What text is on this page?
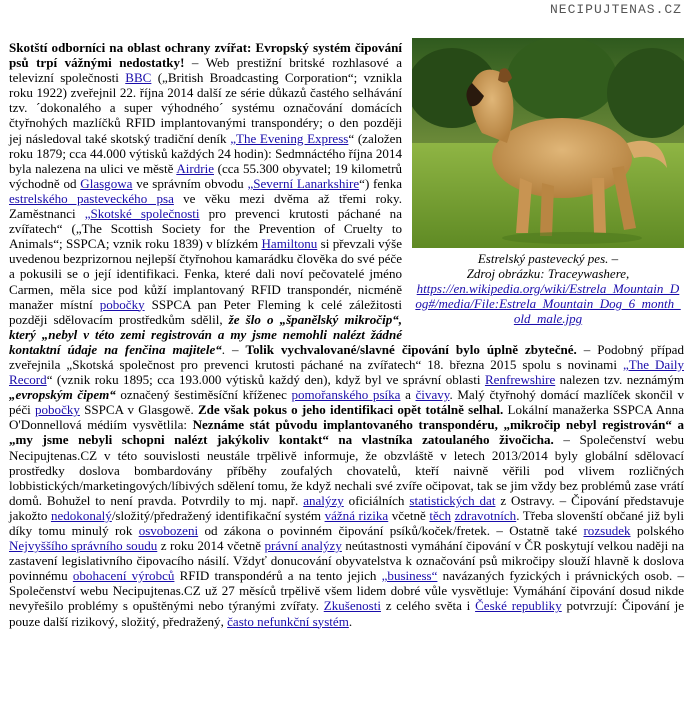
NECIPUJTENAS.CZ
Estrelský pastevecký pes. –
Zdroj obrázku: Traceywashere,
https://en.wikipedia.org/wiki/Estrela_Mountain_Dog#/media/File:Estrela_Mountain_Dog_6_month_old_male.jpg
Skotští odborníci na oblast ochrany zvířat: Evropský systém čipování psů trpí vážnými nedostatky! – Web prestižní britské rozhlasové a televizní společnosti BBC („British Broadcasting Corporation“; vznikla roku 1922) zveřejnil 22. října 2014 další ze série důkazů častého selhávání tzv. ´dokonalého a super výhodného´ systému označování domácích čtyřnohých mazlíčků RFID implantovanými transpondéry; o den později jej následoval také skotský tradiční deník „The Evening Express“ (založen roku 1879; cca 44.000 výtisků každých 24 hodin): Sedmnáctého října 2014 byla nalezena na ulici ve městě Airdrie (cca 55.300 obyvatel; 19 kilometrů východně od Glasgowa ve správním obvodu „Severní Lanarkshire“) fenka estrelského pasteveckého psa ve věku mezi dvěma až třemi roky. Zaměstnanci „Skotské společnosti pro prevenci krutosti páchané na zvířatech“ („The Scottish Society for the Prevention of Cruelty to Animals“; SSPCA; vznik roku 1839) v blízkém Hamiltonu si převzali výše uvedenou bezprizornou nejlepší čtyřnohou kamarádku člověka do své péče a pokusili se o její identifikaci. Fenka, které dali noví pečovatelé jméno Carmen, měla sice pod kůží implantovaný RFID transpondér, nicméně manažer místní pobočky SSPCA pan Peter Fleming k celé záležitosti později sdělovacím prostředkům sdělil, že šlo o „španělský mikročip“, který „nebyl v této zemi registrován a my jsme nemohli nalézt žádné kontaktní údaje na fenčina majitele“. – Tolik vychvalované/slavné čipování bylo úplně zbytečné. – Podobný případ zveřejnila „Skotská společnost pro prevenci krutosti páchané na zvířatech“ 18. března 2015 spolu s novinami „The Daily Record“ (vznik roku 1895; cca 193.000 výtisků každý den), když byl ve správní oblasti Renfrewshire nalezen tzv. neznámým „evropským čipem“ označený šestiměsíční kříženec pomořanského psíka a čivavy. Malý čtyřnohý domácí mazlíček skončil v péči pobočky SSPCA v Glasgowě. Zde však pokus o jeho identifikaci opět totálně selhal. Lokální manažerka SSPCA Anna O'Donnellová médiím vysvětlila: Neznáme stát původu implantovaného transpondéru, „mikročip nebyl registrován“ a „my jsme nebyli schopni nalézt jakýkoliv kontakt“ na vlastníka zatoulaného živočicha. – Společenství webu Necipujtenas.CZ v této souvislosti neustále trpělivě informuje, že obzvláště v letech 2013/2014 byly globální sdělovací prostředky doslova bombardovány příběhy zoufalých chovatelů, kteří naivně věřili pod vlivem rozličných lobbistických/marketingových/líbivých sdělení tomu, že když nechali své zvíře očipovat, tak se jim vždy bez problémů zase vrátí domů. Bohužel to není pravda. Potvrdily to mj. např. analýzy oficiálních statistických dat z Ostravy. – Čipování představuje jakožto nedokonalý/složitý/předražený identifikační systém vážná rizika včetně těch zdravotních. Třeba slovenští občané již byli díky tomu minulý rok osvobozeni od zákona o povinném čipování psíků/koček/fretek. – Ostatně také rozsudek polského Nejvyššího správního soudu z roku 2014 včetně právní analýzy neútastnosti vymáhání čipování v ČR poskytují velkou naději na zastavení legislativního čipovacího násilí. Vždyť donucování obyvatelstva k označování psů mikročipy slouží hlavně k doslova povinnému obohacení výrobců RFID transpondérů a na tento jejich „business“ navázaných fyzických i právnických osob. – Společenství webu Necipujtenas.CZ už 27 měsíců trpělivě všem lidem dobré vůle vysvětluje: Vymáhání čipování dosud nikde nevyřešilo problémy s opuštěnými nebo týranými zvířaty. Zkušenosti z celého světa i České republiky potvrzují: Čipování je pouze další rizikový, složitý, předražený, často nefunkční systém.
